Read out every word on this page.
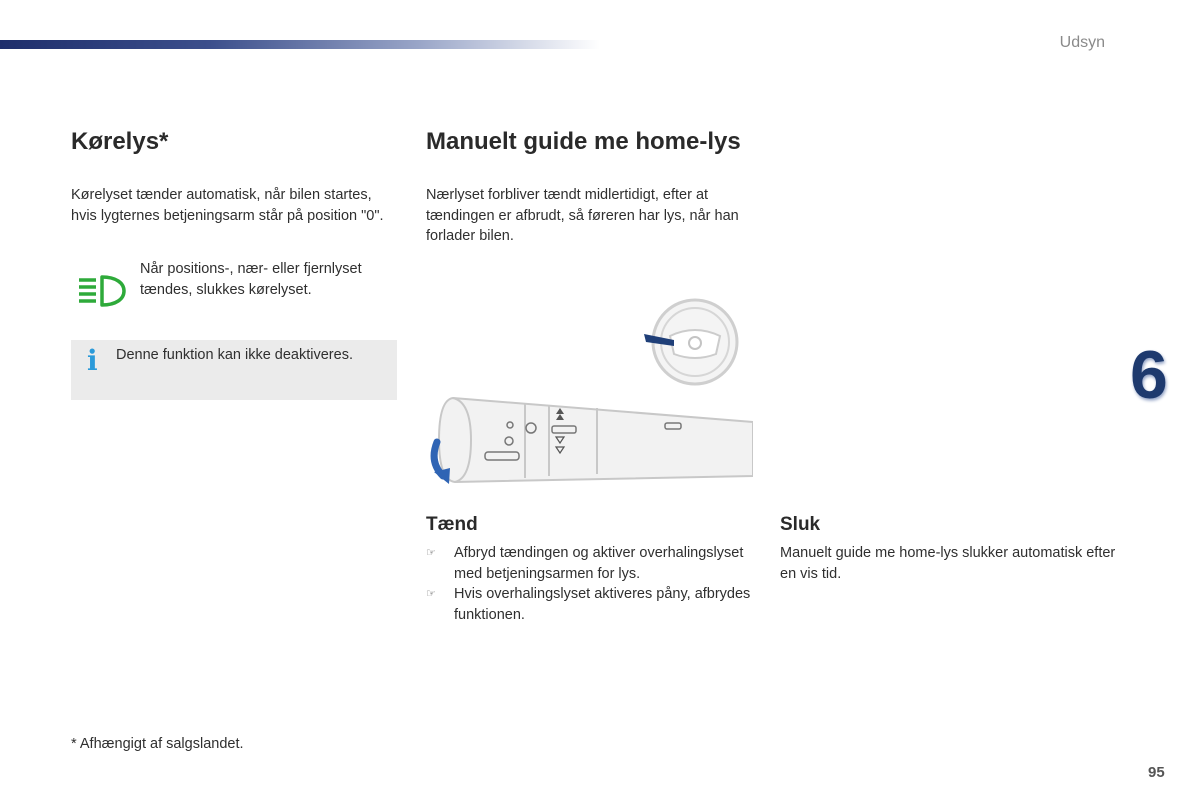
Udsyn
6
Kørelys*

Kørelyset tænder automatisk, når bilen startes, hvis lygternes betjeningsarm står på position "0".

Når positions-, nær- eller fjernlyset tændes, slukkes kørelyset.

i Denne funktion kan ikke deaktiveres.
Manuelt guide me home-lys

Nærlyset forbliver tændt midlertidigt, efter at tændingen er afbrudt, så føreren har lys, når han forlader bilen.

Tænd
☞ Afbryd tændingen og aktiver overhalingslyset med betjeningsarmen for lys.
☞ Hvis overhalingslyset aktiveres påny, afbrydes funktionen.
Sluk

Manuelt guide me home-lys slukker automatisk efter en vis tid.

* Afhængigt af salgslandet.

95
